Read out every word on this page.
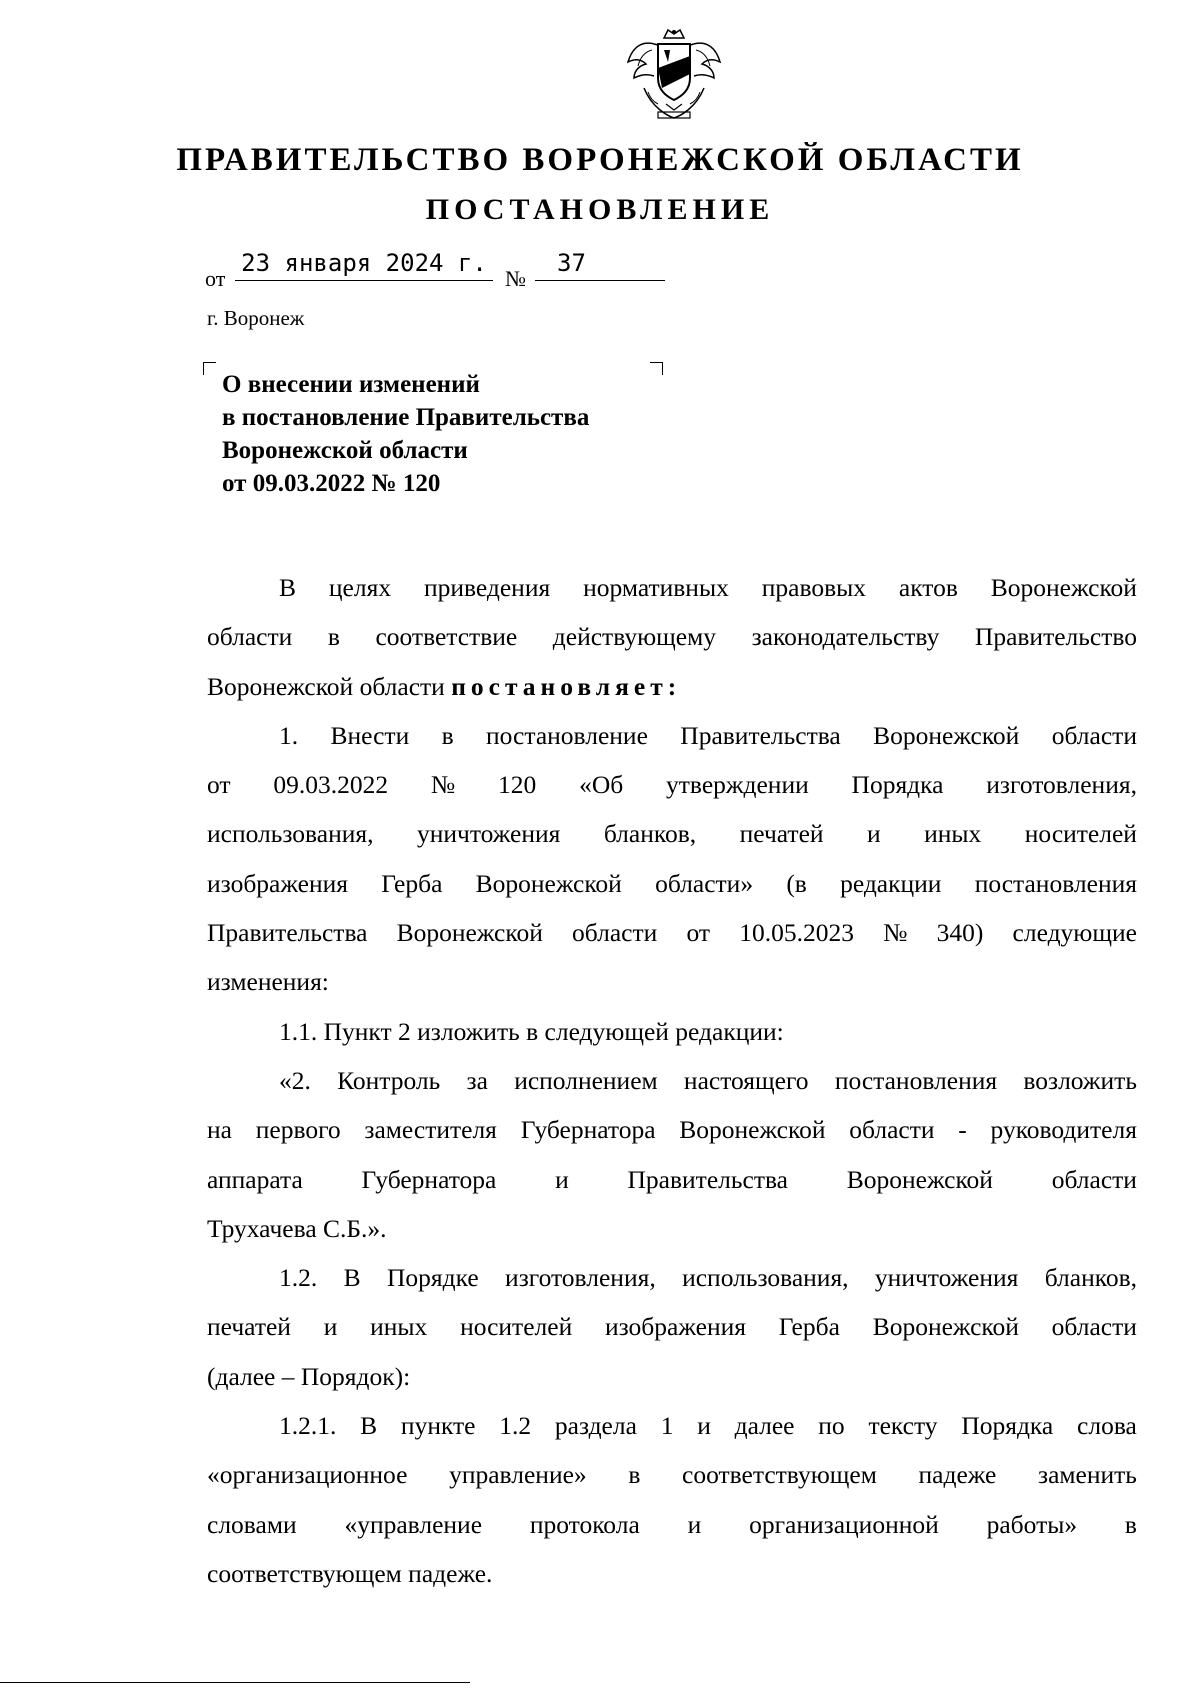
ПРАВИТЕЛЬСТВО ВОРОНЕЖСКОЙ ОБЛАСТИ
ПОСТАНОВЛЕНИЕ
от
23 января 2024 г.
№
37
г. Воронеж
О внесении изменений
в постановление Правительства
Воронежской области
от 09.03.2022 № 120
В целях приведения нормативных правовых актов Воронежской
области в соответствие действующему законодательству Правительство
Воронежской области постановляет:
1. Внести в постановление Правительства Воронежской области
от 09.03.2022 № 120 «Об утверждении Порядка изготовления,
использования, уничтожения бланков, печатей и иных носителей
изображения Герба Воронежской области» (в редакции постановления
Правительства Воронежской области от 10.05.2023 № 340) следующие
изменения:
1.1. Пункт 2 изложить в следующей редакции:
«2. Контроль за исполнением настоящего постановления возложить
на первого заместителя Губернатора Воронежской области - руководителя
аппарата Губернатора и Правительства Воронежской области
Трухачева С.Б.».
1.2. В Порядке изготовления, использования, уничтожения бланков,
печатей и иных носителей изображения Герба Воронежской области
(далее – Порядок):
1.2.1. В пункте 1.2 раздела 1 и далее по тексту Порядка слова
«организационное управление» в соответствующем падеже заменить
словами «управление протокола и организационной работы» в
соответствующем падеже.
